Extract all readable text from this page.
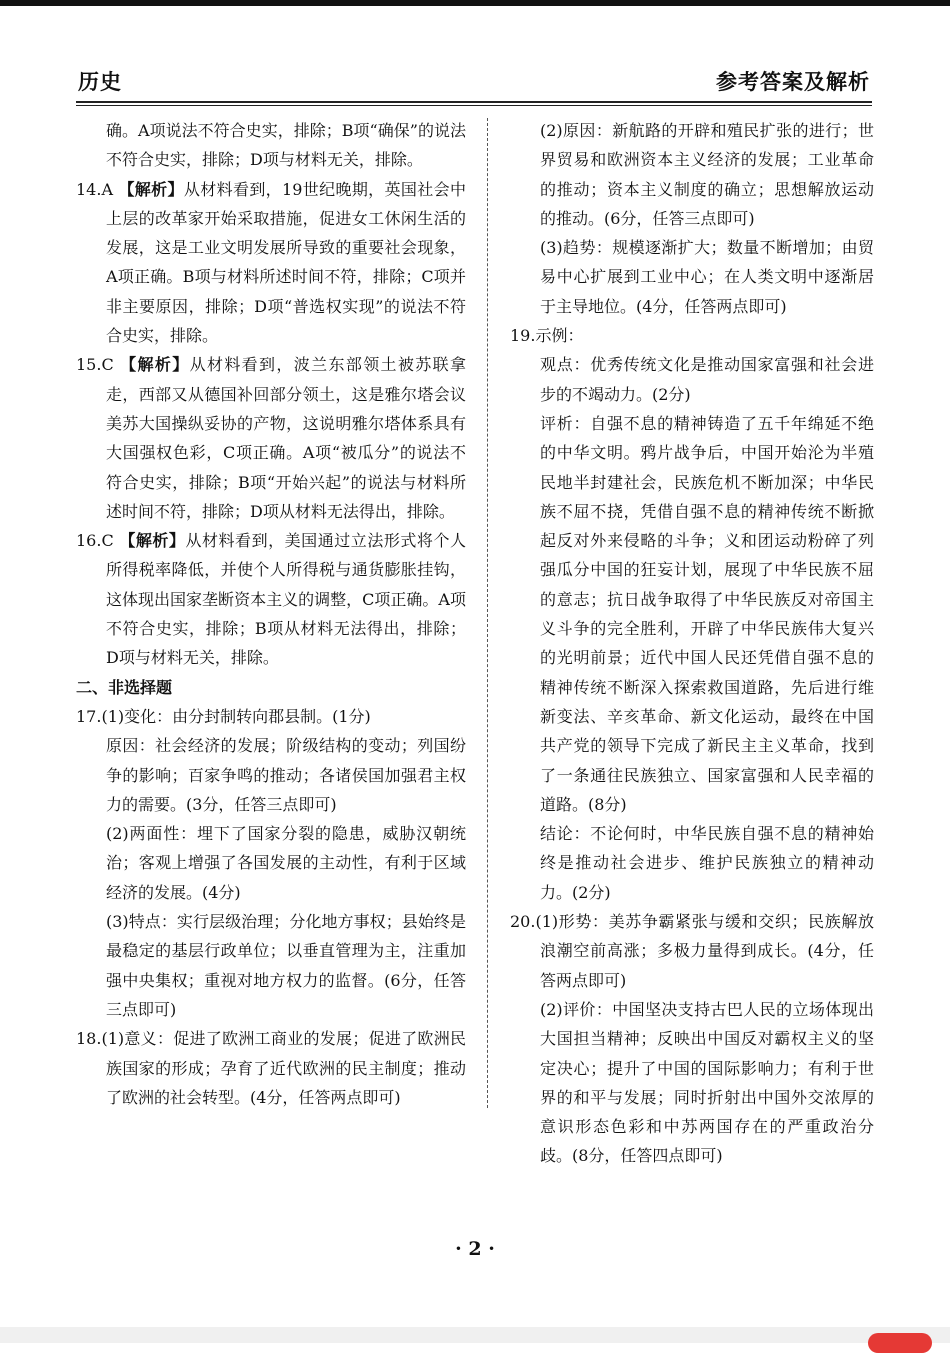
历史	参考答案及解析

确。A项说法不符合史实，排除；B项“确保”的说法不符合史实，排除；D项与材料无关，排除。

14.A 【解析】从材料看到，19世纪晚期，英国社会中上层的改革家开始采取措施，促进女工休闲生活的发展，这是工业文明发展所导致的重要社会现象，A项正确。B项与材料所述时间不符，排除；C项并非主要原因，排除；D项“普选权实现”的说法不符合史实，排除。

15.C 【解析】从材料看到，波兰东部领土被苏联拿走，西部又从德国补回部分领土，这是雅尔塔会议美苏大国操纵妥协的产物，这说明雅尔塔体系具有大国强权色彩，C项正确。A项“被瓜分”的说法不符合史实，排除；B项“开始兴起”的说法与材料所述时间不符，排除；D项从材料无法得出，排除。

16.C 【解析】从材料看到，美国通过立法形式将个人所得税率降低，并使个人所得税与通货膨胀挂钩，这体现出国家垄断资本主义的调整，C项正确。A项不符合史实，排除；B项从材料无法得出，排除；D项与材料无关，排除。

二、非选择题

17.(1)变化：由分封制转向郡县制。(1分)

原因：社会经济的发展；阶级结构的变动；列国纷争的影响；百家争鸣的推动；各诸侯国加强君主权力的需要。(3分，任答三点即可)

(2)两面性：埋下了国家分裂的隐患，威胁汉朝统治；客观上增强了各国发展的主动性，有利于区域经济的发展。(4分)

(3)特点：实行层级治理；分化地方事权；县始终是最稳定的基层行政单位；以垂直管理为主，注重加强中央集权；重视对地方权力的监督。(6分，任答三点即可)

18.(1)意义：促进了欧洲工商业的发展；促进了欧洲民族国家的形成；孕育了近代欧洲的民主制度；推动了欧洲的社会转型。(4分，任答两点即可)

(2)原因：新航路的开辟和殖民扩张的进行；世界贸易和欧洲资本主义经济的发展；工业革命的推动；资本主义制度的确立；思想解放运动的推动。(6分，任答三点即可)

(3)趋势：规模逐渐扩大；数量不断增加；由贸易中心扩展到工业中心；在人类文明中逐渐居于主导地位。(4分，任答两点即可)

19.示例：

观点：优秀传统文化是推动国家富强和社会进步的不竭动力。(2分)

评析：自强不息的精神铸造了五千年绵延不绝的中华文明。鸦片战争后，中国开始沦为半殖民地半封建社会，民族危机不断加深；中华民族不屈不挠，凭借自强不息的精神传统不断掀起反对外来侵略的斗争；义和团运动粉碎了列强瓜分中国的狂妄计划，展现了中华民族不屈的意志；抗日战争取得了中华民族反对帝国主义斗争的完全胜利，开辟了中华民族伟大复兴的光明前景；近代中国人民还凭借自强不息的精神传统不断深入探索救国道路，先后进行维新变法、辛亥革命、新文化运动，最终在中国共产党的领导下完成了新民主主义革命，找到了一条通往民族独立、国家富强和人民幸福的道路。(8分)

结论：不论何时，中华民族自强不息的精神始终是推动社会进步、维护民族独立的精神动力。(2分)

20.(1)形势：美苏争霸紧张与缓和交织；民族解放浪潮空前高涨；多极力量得到成长。(4分，任答两点即可)

(2)评价：中国坚决支持古巴人民的立场体现出大国担当精神；反映出中国反对霸权主义的坚定决心；提升了中国的国际影响力；有利于世界的和平与发展；同时折射出中国外交浓厚的意识形态色彩和中苏两国存在的严重政治分歧。(8分，任答四点即可)

· 2 ·
